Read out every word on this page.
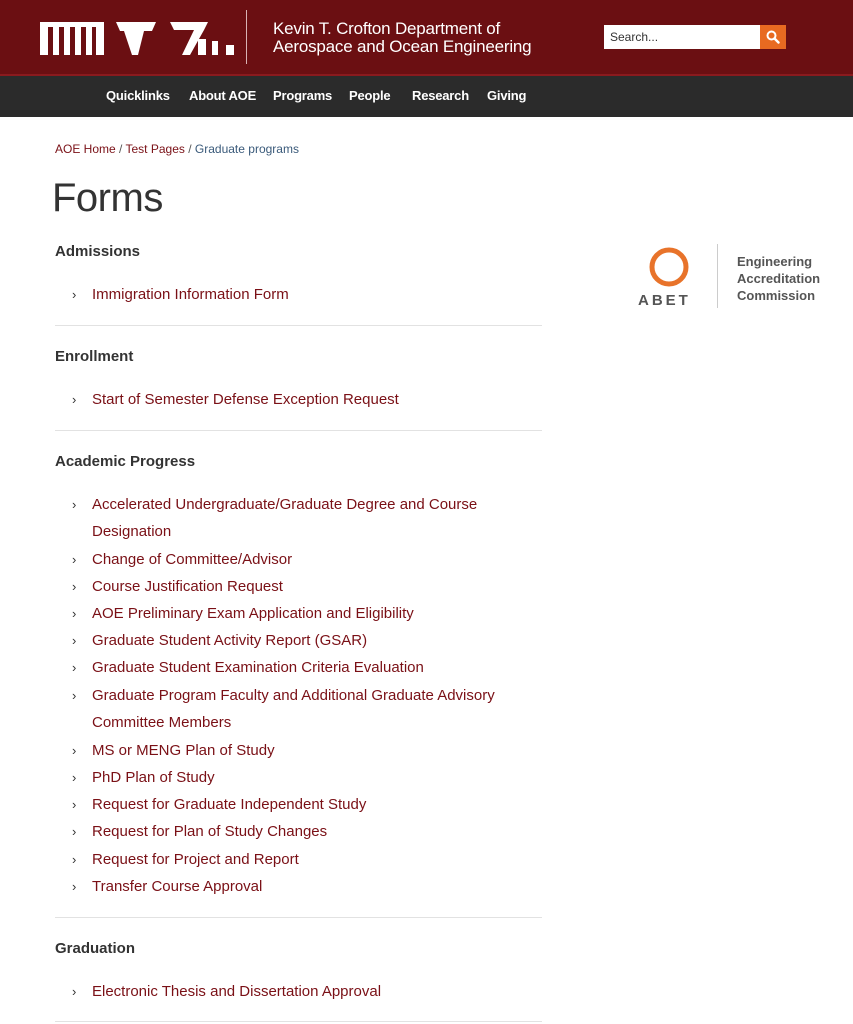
Kevin T. Crofton Department of
Aerospace and Ocean Engineering
Search...
Quicklinks About AOE Programs People Research Giving
AOE Home / Test Pages / Graduate programs
Forms
Admissions
› Immigration Information Form
Enrollment
› Start of Semester Defense Exception Request
Academic Progress
› Accelerated Undergraduate/Graduate Degree and Course Designation
› Change of Committee/Advisor
› Course Justification Request
› AOE Preliminary Exam Application and Eligibility
› Graduate Student Activity Report (GSAR)
› Graduate Student Examination Criteria Evaluation
› Graduate Program Faculty and Additional Graduate Advisory Committee Members
› MS or MENG Plan of Study
› PhD Plan of Study
› Request for Graduate Independent Study
› Request for Plan of Study Changes
› Request for Project and Report
› Transfer Course Approval
Graduation
› Electronic Thesis and Dissertation Approval
ABET
Engineering
Accreditation
Commission
